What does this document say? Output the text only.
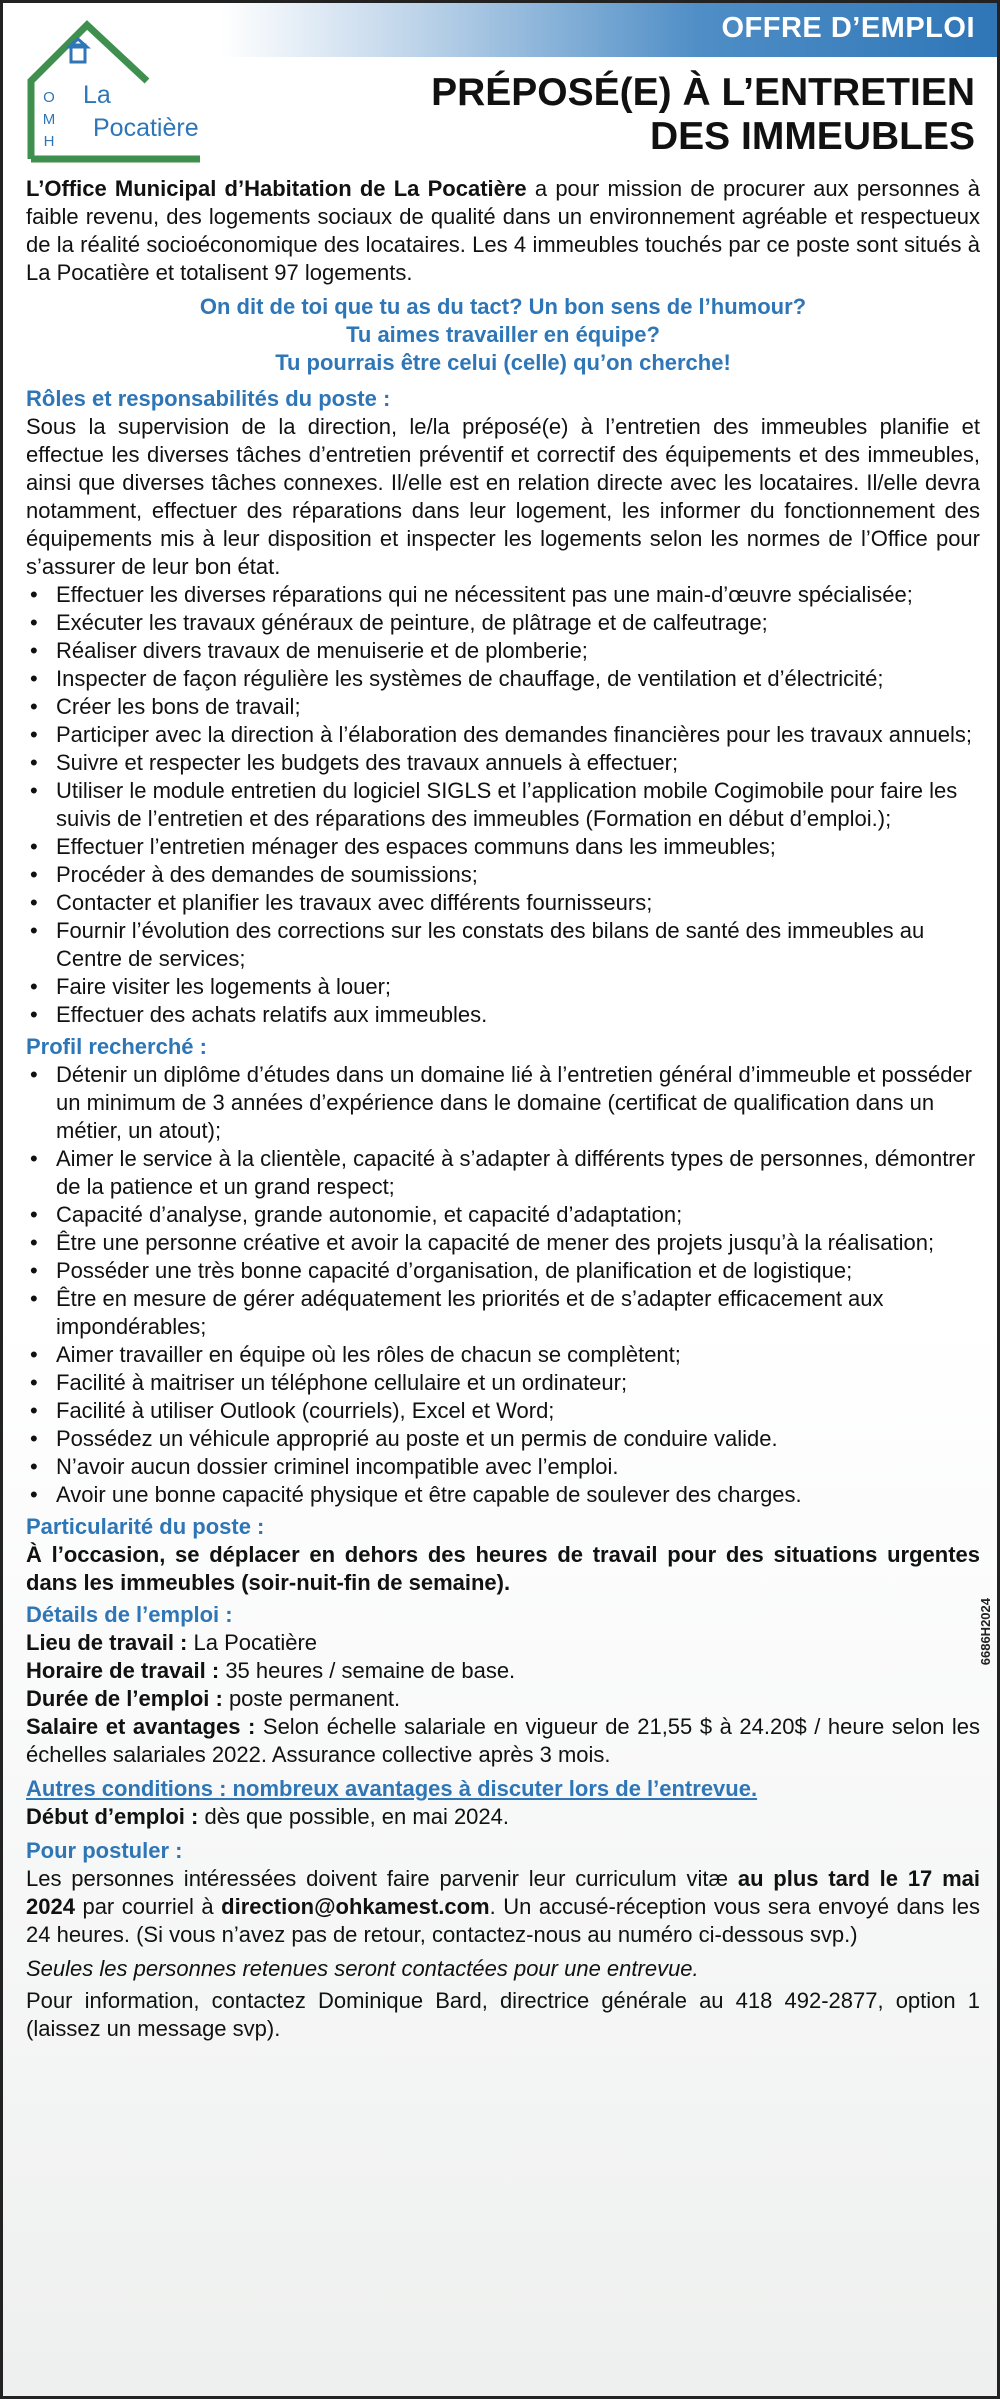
OFFRE D’EMPLOI
O
M
H
La
Pocatière
PRÉPOSÉ(E) À L’ENTRETIEN
DES IMMEUBLES

L’Office Municipal d’Habitation de La Pocatière a pour mission de procurer aux personnes à faible revenu, des logements sociaux de qualité dans un environnement agréable et respectueux de la réalité socioéconomique des locataires. Les 4 immeubles touchés par ce poste sont situés à La Pocatière et totalisent 97 logements.

On dit de toi que tu as du tact? Un bon sens de l’humour?
Tu aimes travailler en équipe?
Tu pourrais être celui (celle) qu’on cherche!
Rôles et responsabilités du poste :

Sous la supervision de la direction, le/la préposé(e) à l’entretien des immeubles planifie et effectue les diverses tâches d’entretien préventif et correctif des équipements et des immeubles, ainsi que diverses tâches connexes. Il/elle est en relation directe avec les locataires. Il/elle devra notamment, effectuer des réparations dans leur logement, les informer du fonctionnement des équipements mis à leur disposition et inspecter les logements selon les normes de l’Office pour s’assurer de leur bon état.

• Effectuer les diverses réparations qui ne nécessitent pas une main-d’œuvre spécialisée;
• Exécuter les travaux généraux de peinture, de plâtrage et de calfeutrage;
• Réaliser divers travaux de menuiserie et de plomberie;
• Inspecter de façon régulière les systèmes de chauffage, de ventilation et d’électricité;
• Créer les bons de travail;
• Participer avec la direction à l’élaboration des demandes financières pour les travaux annuels;
• Suivre et respecter les budgets des travaux annuels à effectuer;
• Utiliser le module entretien du logiciel SIGLS et l’application mobile Cogimobile pour faire les suivis de l’entretien et des réparations des immeubles (Formation en début d’emploi.);
• Effectuer l’entretien ménager des espaces communs dans les immeubles;
• Procéder à des demandes de soumissions;
• Contacter et planifier les travaux avec différents fournisseurs;
• Fournir l’évolution des corrections sur les constats des bilans de santé des immeubles au Centre de services;
• Faire visiter les logements à louer;
• Effectuer des achats relatifs aux immeubles.
Profil recherché :
• Détenir un diplôme d’études dans un domaine lié à l’entretien général d’immeuble et posséder un minimum de 3 années d’expérience dans le domaine (certificat de qualification dans un métier, un atout);
• Aimer le service à la clientèle, capacité à s’adapter à différents types de personnes, démontrer de la patience et un grand respect;
• Capacité d’analyse, grande autonomie, et capacité d’adaptation;
• Être une personne créative et avoir la capacité de mener des projets jusqu’à la réalisation;
• Posséder une très bonne capacité d’organisation, de planification et de logistique;
• Être en mesure de gérer adéquatement les priorités et de s’adapter efficacement aux impondérables;
• Aimer travailler en équipe où les rôles de chacun se complètent;
• Facilité à maitriser un téléphone cellulaire et un ordinateur;
• Facilité à utiliser Outlook (courriels), Excel et Word;
• Possédez un véhicule approprié au poste et un permis de conduire valide.
• N’avoir aucun dossier criminel incompatible avec l’emploi.
• Avoir une bonne capacité physique et être capable de soulever des charges.
Particularité du poste :

À l’occasion, se déplacer en dehors des heures de travail pour des situations urgentes dans les immeubles (soir-nuit-fin de semaine).

Détails de l’emploi :

Lieu de travail : La Pocatière

Horaire de travail : 35 heures / semaine de base.

Durée de l’emploi : poste permanent.

Salaire et avantages : Selon échelle salariale en vigueur de 21,55 $ à 24.20$ / heure selon les échelles salariales 2022. Assurance collective après 3 mois.

Autres conditions : nombreux avantages à discuter lors de l’entrevue.

Début d’emploi : dès que possible, en mai 2024.

Pour postuler :

Les personnes intéressées doivent faire parvenir leur curriculum vitæ au plus tard le 17 mai 2024 par courriel à direction@ohkamest.com. Un accusé-réception vous sera envoyé dans les 24 heures. (Si vous n’avez pas de retour, contactez-nous au numéro ci-dessous svp.)

Seules les personnes retenues seront contactées pour une entrevue.

Pour information, contactez Dominique Bard, directrice générale au 418 492-2877, option 1 (laissez un message svp).

6686H2024
